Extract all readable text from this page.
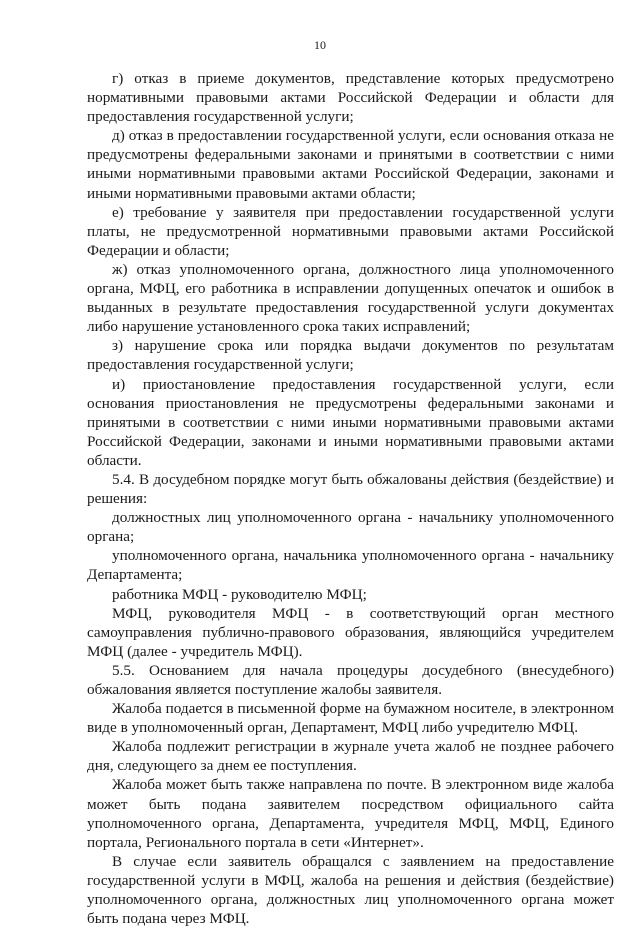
10

г) отказ в приеме документов, представление которых предусмотрено нормативными правовыми актами Российской Федерации и области для предоставления государственной услуги;

д) отказ в предоставлении государственной услуги, если основания отказа не предусмотрены федеральными законами и принятыми в соответствии с ними иными нормативными правовыми актами Российской Федерации, законами и иными нормативными правовыми актами области;

е) требование у заявителя при предоставлении государственной услуги платы, не предусмотренной нормативными правовыми актами Российской Федерации и области;

ж) отказ уполномоченного органа, должностного лица уполномоченного органа, МФЦ, его работника в исправлении допущенных опечаток и ошибок в выданных в результате предоставления государственной услуги документах либо нарушение установленного срока таких исправлений;

з) нарушение срока или порядка выдачи документов по результатам предоставления государственной услуги;

и) приостановление предоставления государственной услуги, если основания приостановления не предусмотрены федеральными законами и принятыми в соответствии с ними иными нормативными правовыми актами Российской Федерации, законами и иными нормативными правовыми актами области.

5.4. В досудебном порядке могут быть обжалованы действия (бездействие) и решения:

должностных лиц уполномоченного органа - начальнику уполномоченного органа;

уполномоченного органа, начальника уполномоченного органа - начальнику Департамента;

работника МФЦ - руководителю МФЦ;

МФЦ, руководителя МФЦ - в соответствующий орган местного самоуправления публично-правового образования, являющийся учредителем МФЦ (далее - учредитель МФЦ).

5.5. Основанием для начала процедуры досудебного (внесудебного) обжалования является поступление жалобы заявителя.

Жалоба подается в письменной форме на бумажном носителе, в электронном виде в уполномоченный орган, Департамент, МФЦ либо учредителю МФЦ.

Жалоба подлежит регистрации в журнале учета жалоб не позднее рабочего дня, следующего за днем ее поступления.

Жалоба может быть также направлена по почте. В электронном виде жалоба может быть подана заявителем посредством официального сайта уполномоченного органа, Департамента, учредителя МФЦ, МФЦ, Единого портала, Регионального портала в сети «Интернет».

В случае если заявитель обращался с заявлением на предоставление государственной услуги в МФЦ, жалоба на решения и действия (бездействие) уполномоченного органа, должностных лиц уполномоченного органа может быть подана через МФЦ.
